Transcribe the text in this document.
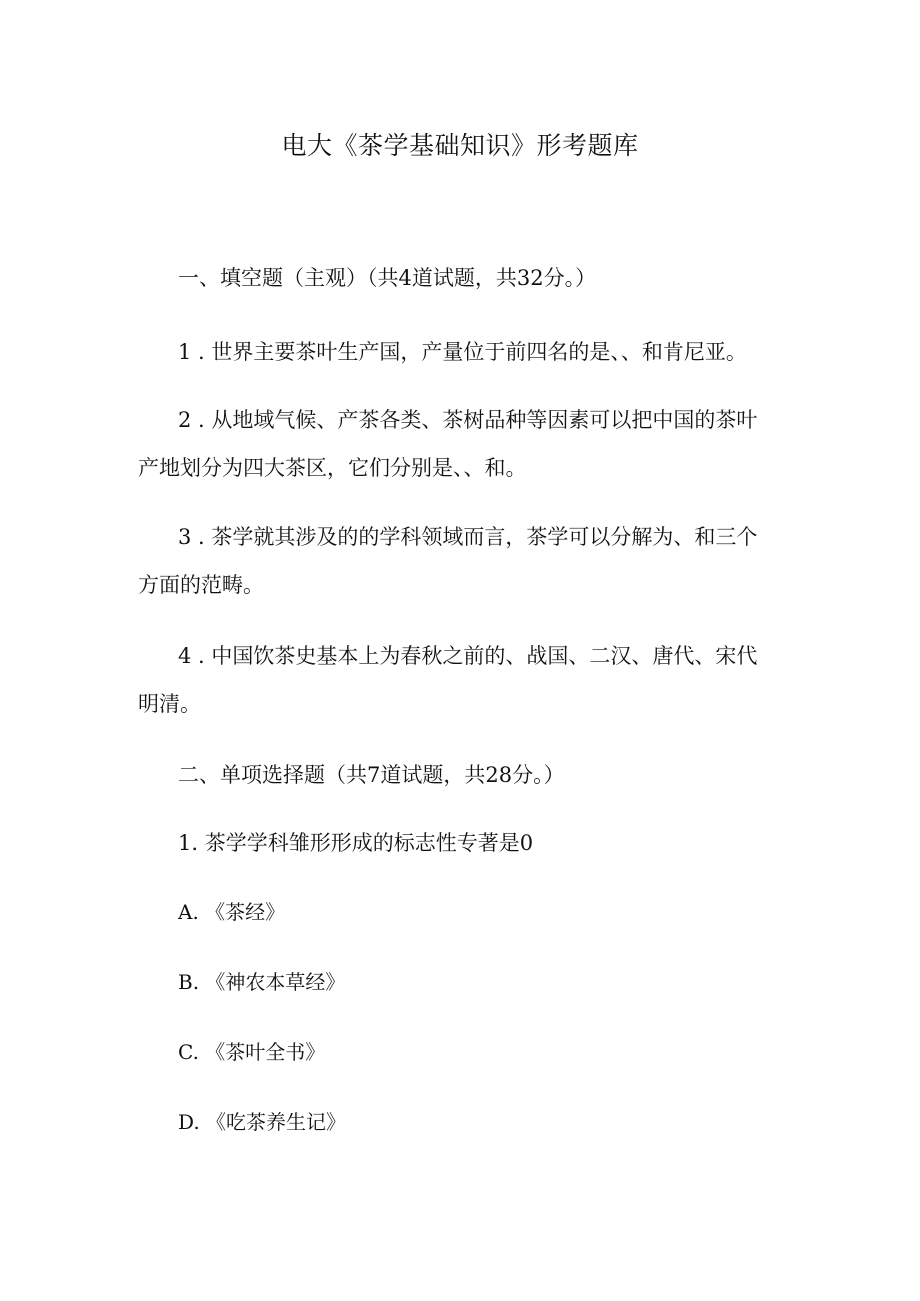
电大《茶学基础知识》形考题库
一、填空题（主观）（共4道试题，共32分。）
1 . 世界主要茶叶生产国，产量位于前四名的是、、和肯尼亚。
2 . 从地域气候、产茶各类、茶树品种等因素可以把中国的茶叶
产地划分为四大茶区，它们分别是、、和。
3 . 茶学就其涉及的的学科领域而言，茶学可以分解为、和三个
方面的范畴。
4 . 中国饮茶史基本上为春秋之前的、战国、二汉、唐代、宋代
明清。
二、单项选择题（共7道试题，共28分。）
1. 茶学学科雏形形成的标志性专著是0
A. 《茶经》
B. 《神农本草经》
C. 《茶叶全书》
D. 《吃茶养生记》
